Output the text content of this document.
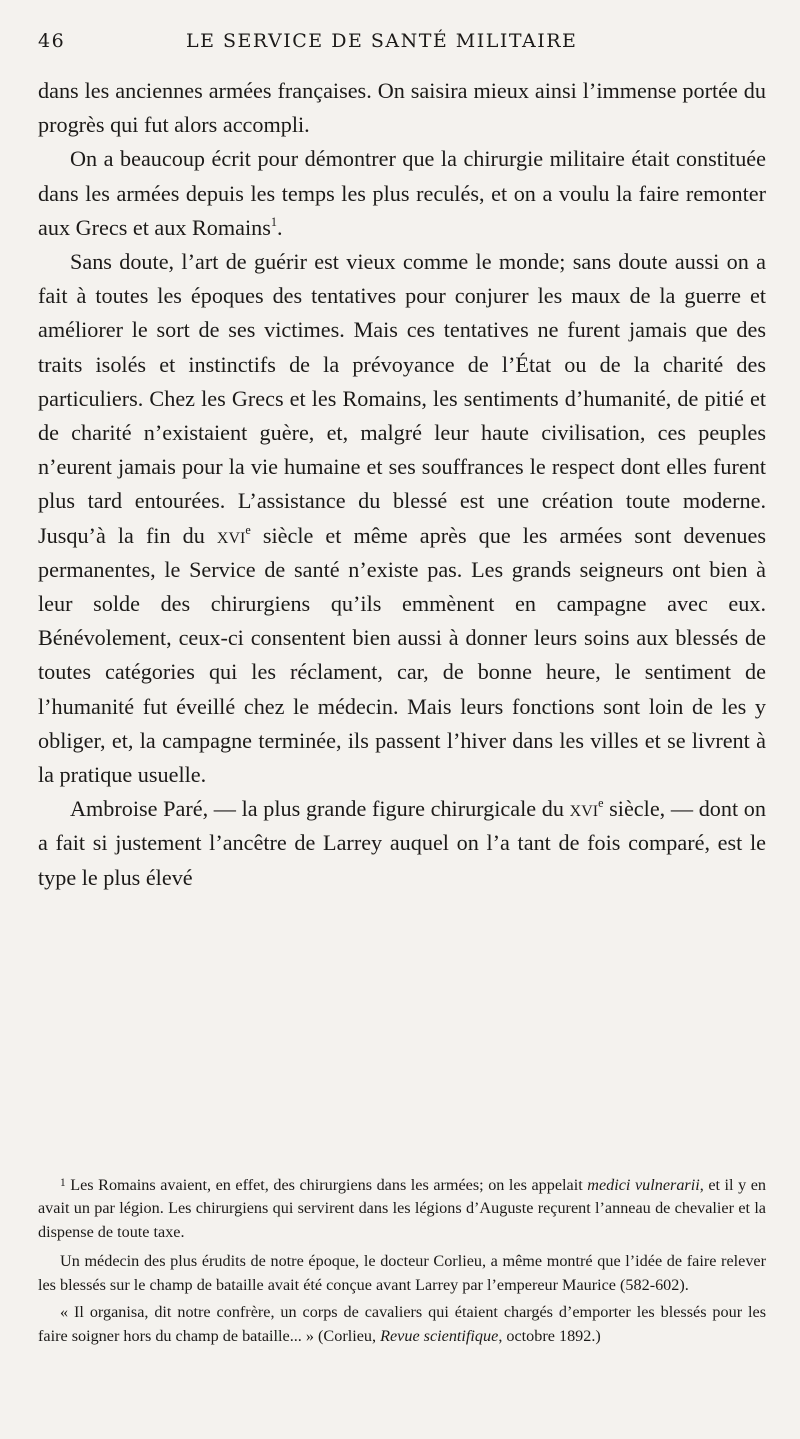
46	LE SERVICE DE SANTÉ MILITAIRE

dans les anciennes armées françaises. On saisira mieux ainsi l’immense portée du progrès qui fut alors accompli.

On a beaucoup écrit pour démontrer que la chirurgie militaire était constituée dans les armées depuis les temps les plus reculés, et on a voulu la faire remonter aux Grecs et aux Romains$^1$.

Sans doute, l’art de guérir est vieux comme le monde; sans doute aussi on a fait à toutes les époques des tentatives pour conjurer les maux de la guerre et améliorer le sort de ses victimes. Mais ces tentatives ne furent jamais que des traits isolés et instinctifs de la prévoyance de l’État ou de la charité des particuliers. Chez les Grecs et les Romains, les sentiments d’humanité, de pitié et de charité n’existaient guère, et, malgré leur haute civilisation, ces peuples n’eurent jamais pour la vie humaine et ses souffrances le respect dont elles furent plus tard entourées. L’assistance du blessé est une création toute moderne. Jusqu’à la fin du xvi$^e$ siècle et même après que les armées sont devenues permanentes, le Service de santé n’existe pas. Les grands seigneurs ont bien à leur solde des chirurgiens qu’ils emmènent en campagne avec eux. Bénévolement, ceux-ci consentent bien aussi à donner leurs soins aux blessés de toutes catégories qui les réclament, car, de bonne heure, le sentiment de l’humanité fut éveillé chez le médecin. Mais leurs fonctions sont loin de les y obliger, et, la campagne terminée, ils passent l’hiver dans les villes et se livrent à la pratique usuelle.

Ambroise Paré, — la plus grande figure chirurgicale du xvi$^e$ siècle, — dont on a fait si justement l’ancêtre de Larrey auquel on l’a tant de fois comparé, est le type le plus élevé

$^1$ Les Romains avaient, en effet, des chirurgiens dans les armées; on les appelait medici vulnerarii, et il y en avait un par légion. Les chirurgiens qui servirent dans les légions d’Auguste reçurent l’anneau de chevalier et la dispense de toute taxe.

Un médecin des plus érudits de notre époque, le docteur Corlieu, a même montré que l’idée de faire relever les blessés sur le champ de bataille avait été conçue avant Larrey par l’empereur Maurice (582-602).

« Il organisa, dit notre confrère, un corps de cavaliers qui étaient chargés d’emporter les blessés pour les faire soigner hors du champ de bataille... » (Corlieu, Revue scientifique, octobre 1892.)
